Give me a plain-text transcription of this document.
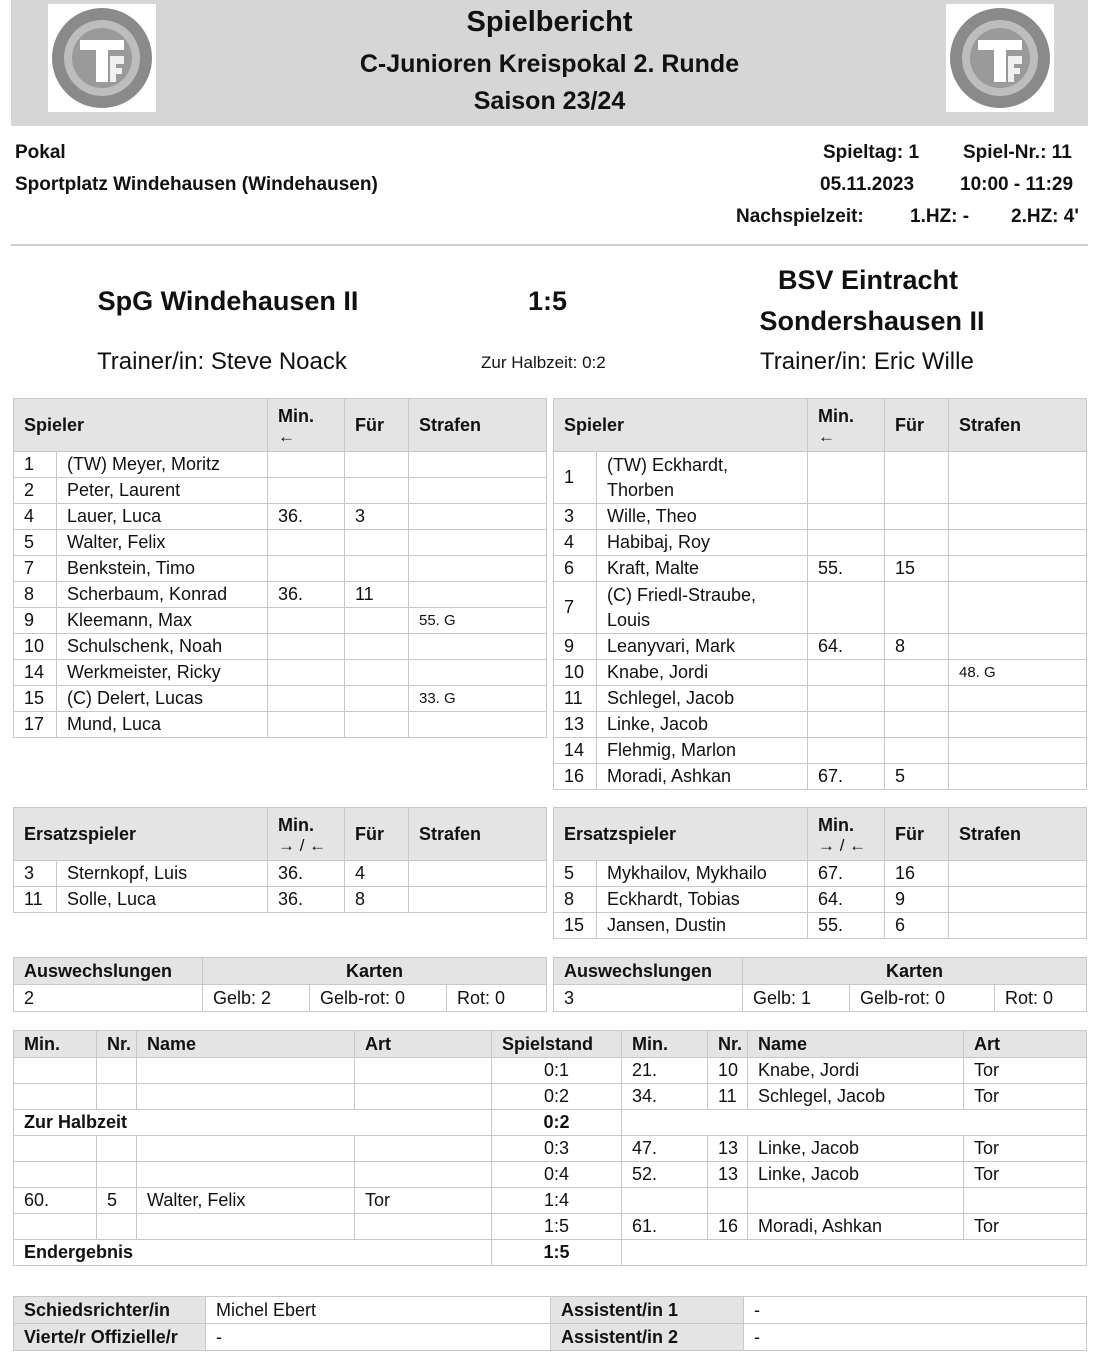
Spielbericht
C-Junioren Kreispokal 2. Runde
Saison 23/24
Pokal
Sportplatz Windehausen (Windehausen)
Spieltag: 1 Spiel-Nr.: 11
05.11.2023 10:00 - 11:29
Nachspielzeit: 1.HZ: - 2.HZ: 4'
SpG Windehausen II	1:5
BSV Eintracht
Sondershausen II
Trainer/in: Steve Noack	Zur Halbzeit: 0:2	Trainer/in: Eric Wille
Spieler		Min.
←	Für	Strafen
1	(TW) Meyer, Moritz			
2	Peter, Laurent			
4	Lauer, Luca	36.	3	
5	Walter, Felix			
7	Benkstein, Timo			
8	Scherbaum, Konrad	36.	11	
9	Kleemann, Max			55. G
10	Schulschenk, Noah			
14	Werkmeister, Ricky			
15	(C) Delert, Lucas			33. G
17	Mund, Luca			
Spieler		Min.
←	Für	Strafen
1	(TW) Eckhardt,
Thorben			

3	Wille, Theo			

4	Habibaj, Roy			

6	Kraft, Malte	55.	15	
7	(C) Friedl-Straube,
Louis			

9	Leanyvari, Mark	64.	8	
10	Knabe, Jordi			48. G
11	Schlegel, Jacob			

13	Linke, Jacob			

14	Flehmig, Marlon			

16	Moradi, Ashkan	67.	5	
Ersatzspieler		Min.
→ / ←	Für	Strafen
3	Sternkopf, Luis	36.	4	
11	Solle, Luca	36.	8	
Ersatzspieler		Min.
→ / ←	Für	Strafen
5	Mykhailov, Mykhailo	67.	16	
8	Eckhardt, Tobias	64.	9	
15	Jansen, Dustin	55.	6	
Auswechslungen	Karten		
2	Gelb: 2	Gelb-rot: 0	Rot: 0
Auswechslungen	Karten		
3	Gelb: 1	Gelb-rot: 0	Rot: 0
Min.	Nr.	Name	Art	Spielstand	Min.	Nr.	Name	Art
				0:1	21.	10	Knabe, Jordi	Tor
				0:2	34.	11	Schlegel, Jacob	Tor
Zur Halbzeit				0:2				
				0:3	47.	13	Linke, Jacob	Tor
				0:4	52.	13	Linke, Jacob	Tor
60.	5	Walter, Felix	Tor	1:4				
				1:5	61.	16	Moradi, Ashkan	Tor
Endergebnis				1:5				
Schiedsrichter/in	Michel Ebert	Assistent/in 1	-
Vierte/r Offizielle/r	-	Assistent/in 2	-
